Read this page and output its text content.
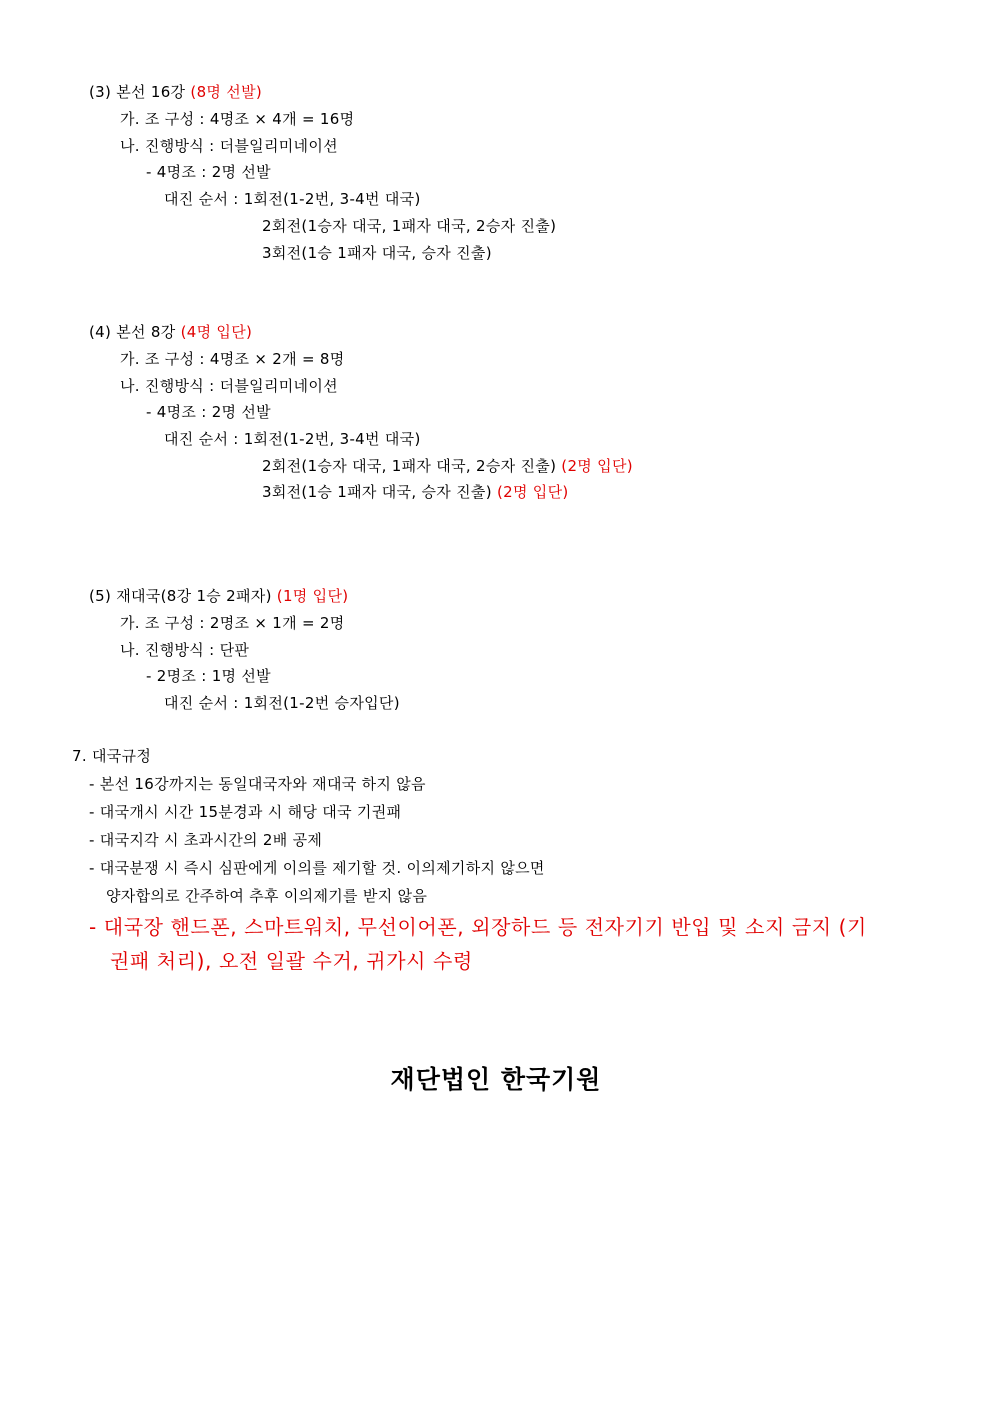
(3) 본선 16강 (8명 선발)
가. 조 구성 : 4명조 × 4개 = 16명
나. 진행방식 : 더블일리미네이션
- 4명조 : 2명 선발
대진 순서 : 1회전(1-2번, 3-4번 대국)
2회전(1승자 대국, 1패자 대국, 2승자 진출)
3회전(1승 1패자 대국, 승자 진출)
(4) 본선 8강 (4명 입단)
가. 조 구성 : 4명조 × 2개 = 8명
나. 진행방식 : 더블일리미네이션
- 4명조 : 2명 선발
대진 순서 : 1회전(1-2번, 3-4번 대국)
2회전(1승자 대국, 1패자 대국, 2승자 진출) (2명 입단)
3회전(1승 1패자 대국, 승자 진출) (2명 입단)
(5) 재대국(8강 1승 2패자) (1명 입단)
가. 조 구성 : 2명조 × 1개 = 2명
나. 진행방식 : 단판
- 2명조 : 1명 선발
대진 순서 : 1회전(1-2번 승자입단)
7. 대국규정
- 본선 16강까지는 동일대국자와 재대국 하지 않음
- 대국개시 시간 15분경과 시 해당 대국 기권패
- 대국지각 시 초과시간의 2배 공제
- 대국분쟁 시 즉시 심판에게 이의를 제기할 것. 이의제기하지 않으면
양자합의로 간주하여 추후 이의제기를 받지 않음
- 대국장 핸드폰, 스마트워치, 무선이어폰, 외장하드 등 전자기기 반입 및 소지 금지 (기
권패 처리), 오전 일괄 수거, 귀가시 수령
재단법인 한국기원
